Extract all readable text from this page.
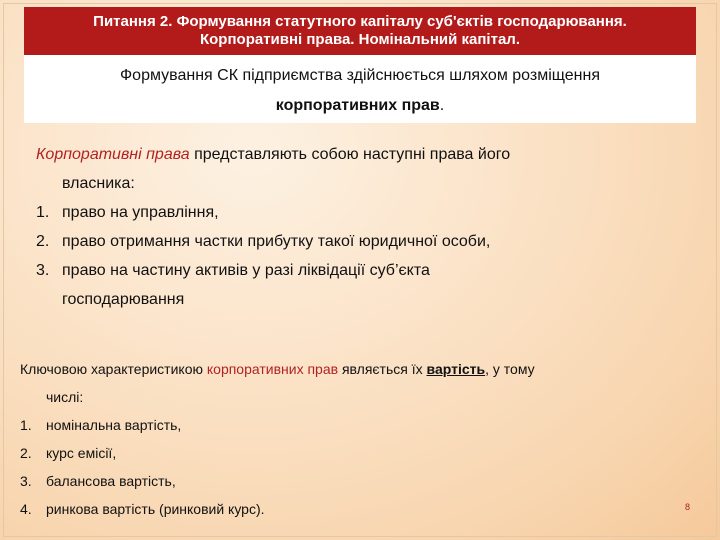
Питання 2. Формування статутного капіталу суб'єктів господарювання.
Корпоративні права. Номінальний капітал.
Формування СК підприємства здійснюється шляхом розміщення
корпоративних прав.
Корпоративні права представляють собою наступні права його
власника:
1. право на управління,
2. право отримання частки прибутку такої юридичної особи,
3. право на частину активів у разі ліквідації суб’єкта
господарювання
Ключовою характеристикою корпоративних прав являється їх вартість, у тому
числі:
1.	номінальна вартість,
2.	курс емісії,
3.	балансова вартість,
4.	ринкова вартість (ринковий курс).	8
